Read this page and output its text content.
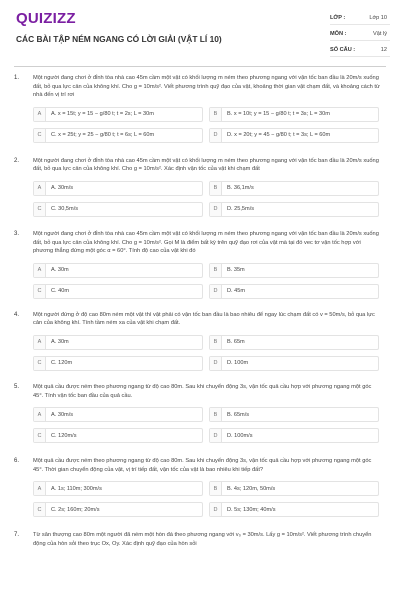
QUIZIZZ
CÁC BÀI TẬP NÉM NGANG CÓ LỜI GIẢI (VẬT LÍ 10)
LỚP :	Lớp 10
MÔN :	Vật lý
SỐ CÂU :	12
1. Một người đang chơi ở đỉnh tòa nhà cao 45m cầm một vật có khối lượng m ném theo phương ngang với vận tốc ban đầu là 20m/s xuống đất, bỏ qua lực cản của không khí. Cho g = 10m/s². Viết phương trình quỹ đạo của vật, khoảng thời gian vật chạm đất, và khoảng cách từ nhà đến vị trí rơi
A	A. x = 15t; y = 15 − g/80 t; t = 2s; L = 30m	B	B. x = 10t; y = 15 − g/80 t; t = 3s; L = 30m
C	C. x = 25t; y = 25 − g/80 t; t = 6s; L = 60m	D	D. x = 20t; y = 45 − g/80 t; t = 3s; L = 60m
2. Một người đang chơi ở đỉnh tòa nhà cao 45m cầm một vật có khối lượng m ném theo phương ngang với vận tốc ban đầu là 20m/s xuống đất, bỏ qua lực cản của không khí. Cho g = 10m/s². Xác định vận tốc của vật khi chạm đất
A	A. 30m/s	B	B. 36,1m/s
C	C. 30,5m/s	D	D. 25,5m/s
3. Một người đang chơi ở đỉnh tòa nhà cao 45m cầm một vật có khối lượng m ném theo phương ngang với vận tốc ban đầu là 20m/s xuống đất, bỏ qua lực cản của không khí. Cho g = 10m/s². Gọi M là điểm bất kỳ trên quỹ đạo rơi của vật mà tại đó vec tơ vận tốc hợp với phương thẳng đứng một góc α = 60°. Tính độ cao của vật khi đó
A	A. 30m	B	B. 35m
C	C. 40m	D	D. 45m
4. Một người đứng ở độ cao 80m ném một vật thì vật phải có vận tốc ban đầu là bao nhiêu để ngay lúc chạm đất có v = 50m/s, bỏ qua lực cản của không khí. Tính tầm ném xa của vật khi chạm đất.
A	A. 30m	B	B. 65m
C	C. 120m	D	D. 100m
5. Một quả cầu được ném theo phương ngang từ độ cao 80m. Sau khi chuyển động 3s, vận tốc quả cầu hợp với phương ngang một góc 45°. Tính vận tốc ban đầu của quả cầu.
A	A. 30m/s	B	B. 65m/s
C	C. 120m/s	D	D. 100m/s
6. Một quả cầu được ném theo phương ngang từ độ cao 80m. Sau khi chuyển động 3s, vận tốc quả cầu hợp với phương ngang một góc 45°. Thời gian chuyển động của vật, vị trí tiếp đất, vận tốc của vật là bao nhiêu khi tiếp đất?
A	A. 1s; 110m; 300m/s	B	B. 4s; 120m, 50m/s
C	C. 2s; 160m; 20m/s	D	D. 5s; 130m; 40m/s
7. Từ sân thượng cao 80m một người đã ném một hòn đá theo phương ngang với v₀ = 30m/s. Lấy g = 10m/s². Viết phương trình chuyển động của hòn sỏi theo trục Ox, Oy. Xác định quỹ đạo của hòn sỏi
